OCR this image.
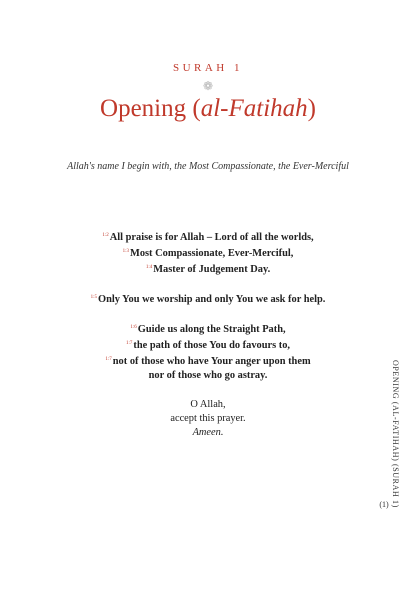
SURAH 1
❁
Opening (al-Fatihah)
Allah's name I begin with, the Most Compassionate, the Ever-Merciful
$^{1:2}$All praise is for Allah – Lord of all the worlds,
$^{1:3}$Most Compassionate, Ever-Merciful,
$^{1:4}$Master of Judgement Day.
$^{1:5}$Only You we worship and only You we ask for help.
$^{1:6}$Guide us along the Straight Path,
$^{1:7}$the path of those You do favours to,
$^{1:7}$not of those who have Your anger upon them
nor of those who go astray.
O Allah,
accept this prayer.
Ameen.	OPENING (AL-FATIHAH) (SURAH 1)
(1)
